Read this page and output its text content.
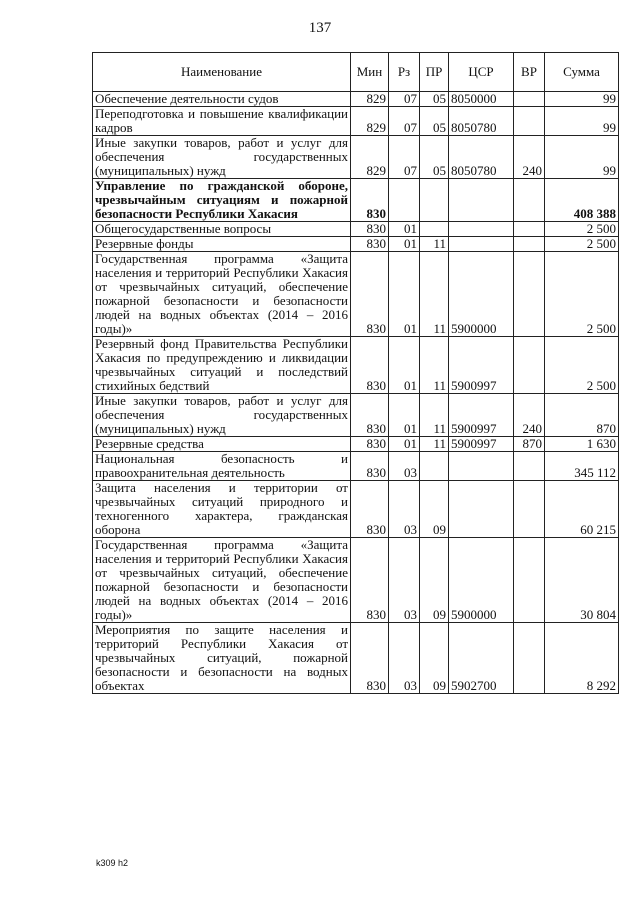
137
Наименование	Мин	Рз	ПР	ЦСР	ВР	Сумма
Обеспечение деятельности судов	829	07	05	8050000		99
Переподготовка и повышение квалификации кадров	829	07	05	8050780		99
Иные закупки товаров, работ и услуг для обеспечения государственных (муниципальных) нужд	829	07	05	8050780	240	99
Управление по гражданской обороне, чрезвычайным ситуациям и пожарной безопасности Республики Хакасия	830					408 388
Общегосударственные вопросы	830	01				2 500
Резервные фонды	830	01	11			2 500
Государственная программа «Защита населения и территорий Республики Хакасия от чрезвычайных ситуаций, обеспечение пожарной безопасности и безопасности людей на водных объектах (2014 – 2016 годы)»	830	01	11	5900000		2 500
Резервный фонд Правительства Республики Хакасия по предупреждению и ликвидации чрезвычайных ситуаций и последствий стихийных бедствий	830	01	11	5900997		2 500
Иные закупки товаров, работ и услуг для обеспечения государственных (муниципальных) нужд	830	01	11	5900997	240	870
Резервные средства	830	01	11	5900997	870	1 630
Национальная безопасность и правоохранительная деятельность	830	03				345 112
Защита населения и территории от чрезвычайных ситуаций природного и техногенного характера, гражданская оборона	830	03	09			60 215
Государственная программа «Защита населения и территорий Республики Хакасия от чрезвычайных ситуаций, обеспечение пожарной безопасности и безопасности людей на водных объектах (2014 – 2016 годы)»	830	03	09	5900000		30 804
Мероприятия по защите населения и территорий Республики Хакасия от чрезвычайных ситуаций, пожарной безопасности и безопасности на водных объектах	830	03	09	5902700		8 292
k309 h2
